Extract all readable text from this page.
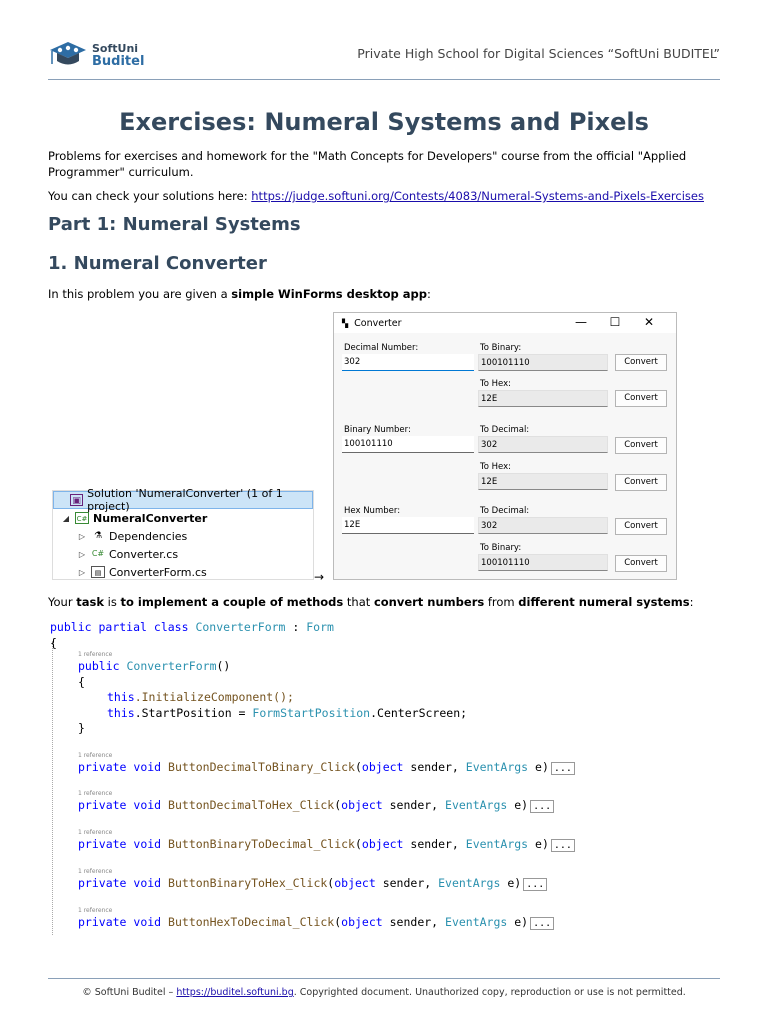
SoftUni
Buditel
Private High School for Digital Sciences “SoftUni BUDITEL”
Exercises: Numeral Systems and Pixels
Problems for exercises and homework for the "Math Concepts for Developers" course from the official "Applied Programmer" curriculum.
You can check your solutions here: https://judge.softuni.org/Contests/4083/Numeral-Systems-and-Pixels-Exercises
Part 1: Numeral Systems
1. Numeral Converter
In this problem you are given a simple WinForms desktop app:
▣
Solution 'NumeralConverter' (1 of 1 project)
◢ C# NumeralConverter
▷ ⚗ Dependencies
▷ C# Converter.cs
▷	▤ ConverterForm.cs	→
▚ Converter	—	☐	✕
Decimal Number:
302
To Binary:
100101110	Convert
To Hex:
12E	Convert
Binary Number:
100101110
To Decimal:
302	Convert
To Hex:
12E	Convert
Hex Number:
12E
To Decimal:
302	Convert
To Binary:
100101110	Convert
Your task is to implement a couple of methods that convert numbers from different numeral systems:
public partial class ConverterForm : Form
{
1 reference
public ConverterForm()
{
this.InitializeComponent();
this.StartPosition = FormStartPosition.CenterScreen;
}
1 reference
private void ButtonDecimalToBinary_Click(object sender, EventArgs e) ...
1 reference
private void ButtonDecimalToHex_Click(object sender, EventArgs e) ...
1 reference
private void ButtonBinaryToDecimal_Click(object sender, EventArgs e) ...
1 reference
private void ButtonBinaryToHex_Click(object sender, EventArgs e) ...
1 reference
private void ButtonHexToDecimal_Click(object sender, EventArgs e) ...
© SoftUni Buditel – https://buditel.softuni.bg. Copyrighted document. Unauthorized copy, reproduction or use is not permitted.
